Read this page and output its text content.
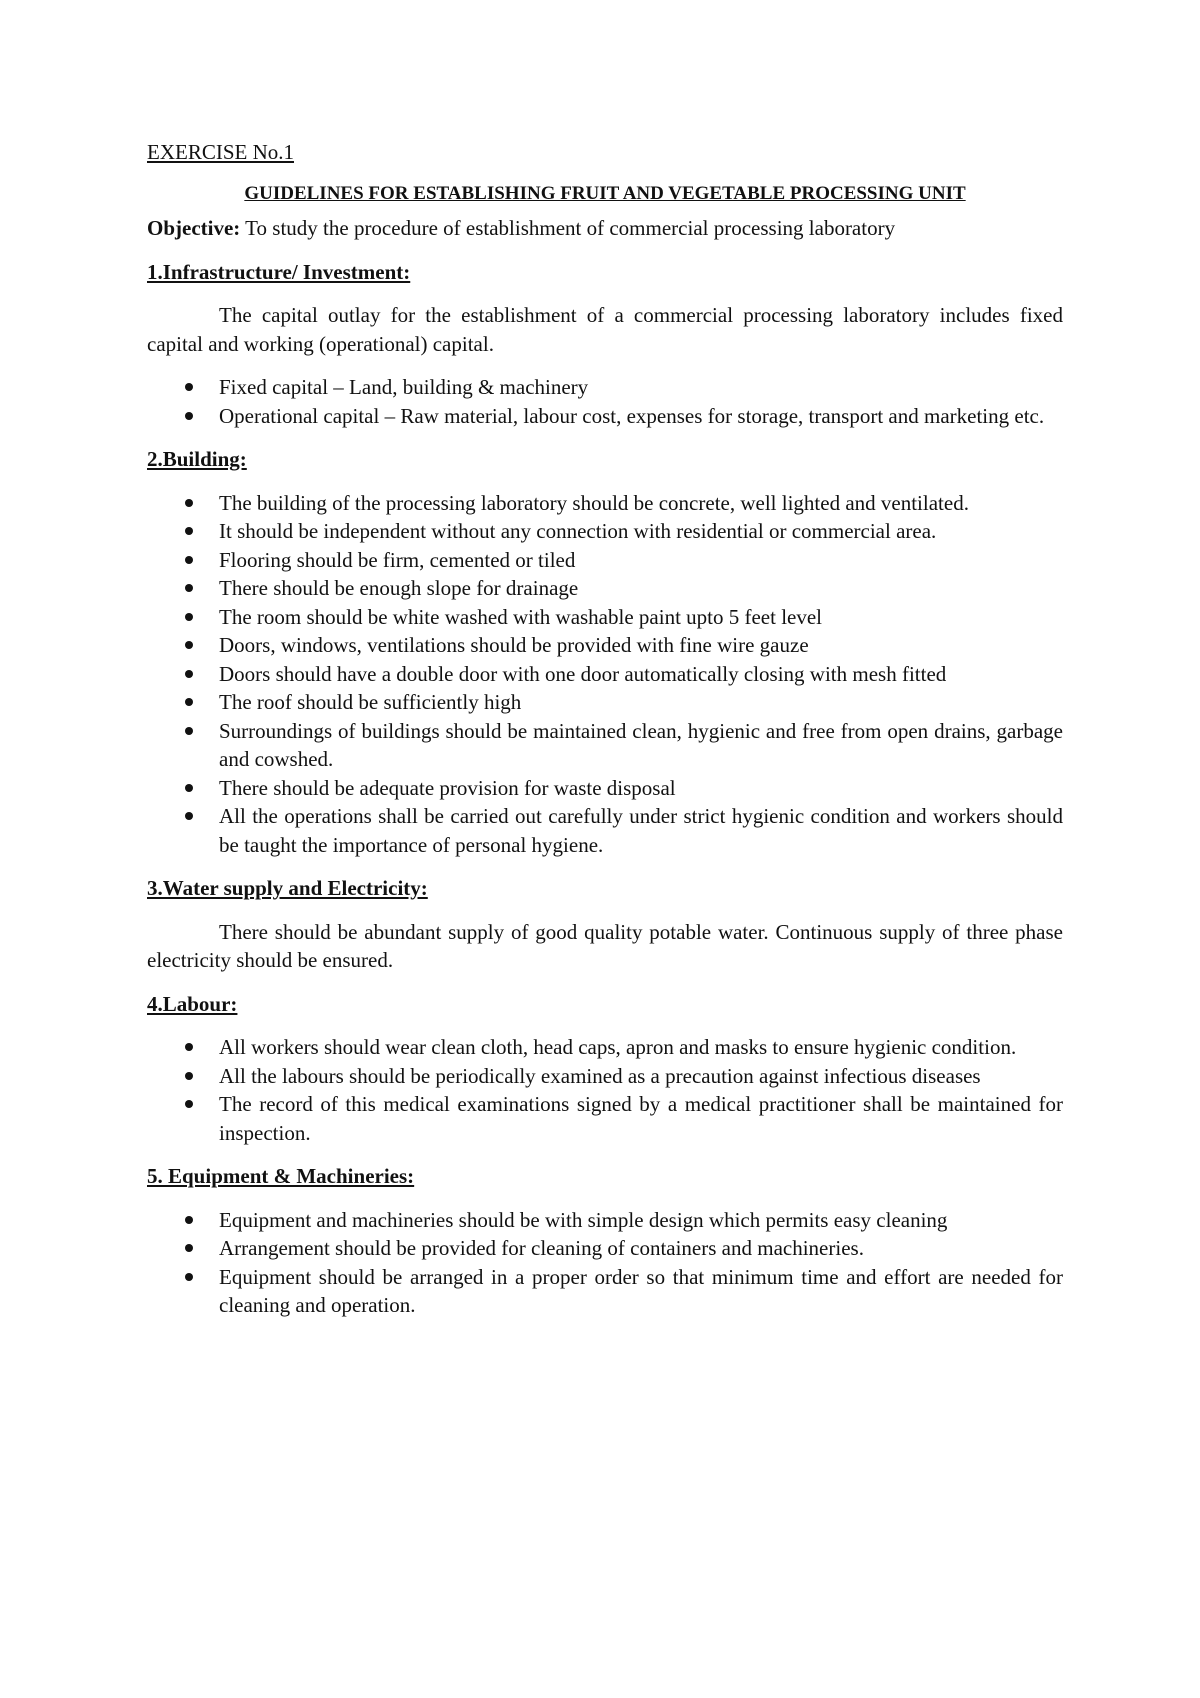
EXERCISE No.1
GUIDELINES FOR ESTABLISHING FRUIT AND VEGETABLE PROCESSING UNIT
Objective: To study the procedure of establishment of commercial processing laboratory
1.Infrastructure/ Investment:
The capital outlay for the establishment of a commercial processing laboratory includes fixed capital and working (operational) capital.
Fixed capital – Land, building & machinery
Operational capital – Raw material, labour cost, expenses for storage, transport and marketing etc.
2.Building:
The building of the processing laboratory should be concrete, well lighted and ventilated.
It should be independent without any connection with residential or commercial area.
Flooring should be firm, cemented or tiled
There should be enough slope for drainage
The room should be white washed with washable paint upto 5 feet level
Doors, windows, ventilations should be provided with fine wire gauze
Doors should have a double door with one door automatically closing with mesh fitted
The roof should be sufficiently high
Surroundings of buildings should be maintained clean, hygienic and free from open drains, garbage and cowshed.
There should be adequate provision for waste disposal
All the operations shall be carried out carefully under strict hygienic condition and workers should be taught the importance of personal hygiene.
3.Water supply and Electricity:
There should be abundant supply of good quality potable water. Continuous supply of three phase electricity should be ensured.
4.Labour:
All workers should wear clean cloth, head caps, apron and masks to ensure hygienic condition.
All the labours should be periodically examined as a precaution against infectious diseases
The record of this medical examinations signed by a medical practitioner shall be maintained for inspection.
5. Equipment & Machineries:
Equipment and machineries should be with simple design which permits easy cleaning
Arrangement should be provided for cleaning of containers and machineries.
Equipment should be arranged in a proper order so that minimum time and effort are needed for cleaning and operation.
